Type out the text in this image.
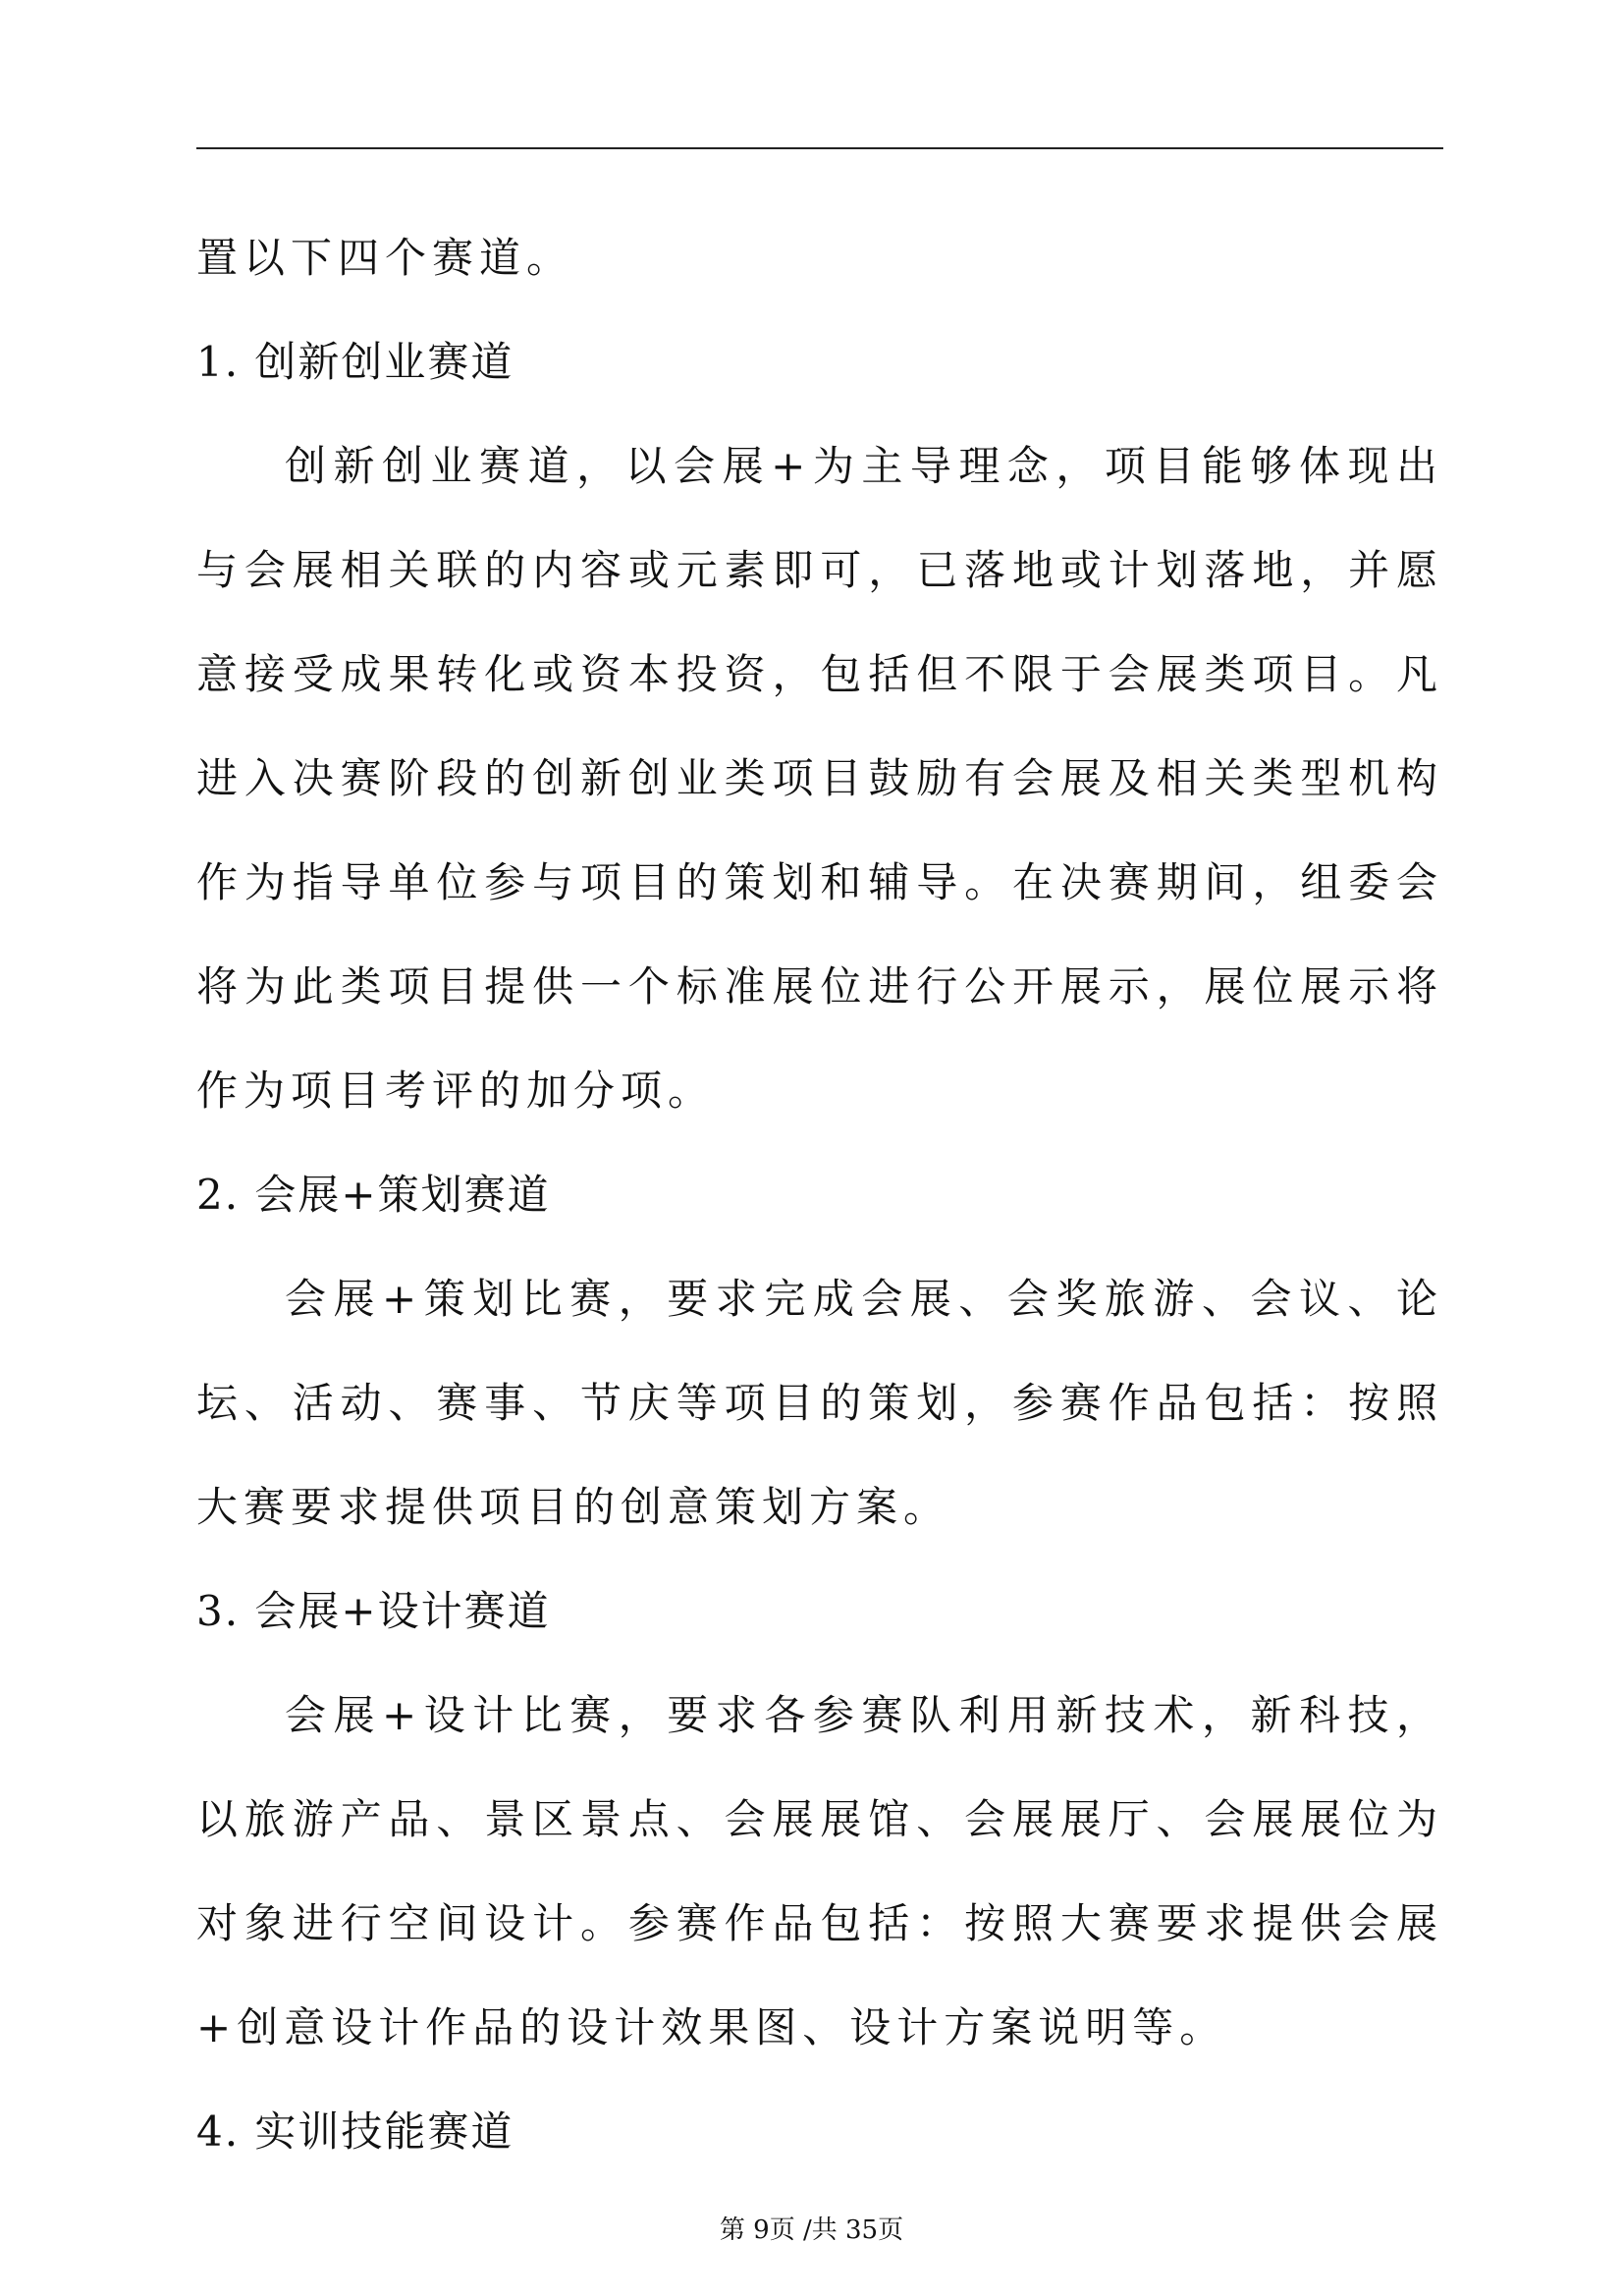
置以下四个赛道。
1. 创新创业赛道

创新创业赛道，以会展+为主导理念，项目能够体现出与会展相关联的内容或元素即可，已落地或计划落地，并愿意接受成果转化或资本投资，包括但不限于会展类项目。凡进入决赛阶段的创新创业类项目鼓励有会展及相关类型机构作为指导单位参与项目的策划和辅导。在决赛期间，组委会将为此类项目提供一个标准展位进行公开展示，展位展示将作为项目考评的加分项。

2. 会展+策划赛道

会展+策划比赛，要求完成会展、会奖旅游、会议、论坛、活动、赛事、节庆等项目的策划，参赛作品包括：按照大赛要求提供项目的创意策划方案。

3. 会展+设计赛道

会展+设计比赛，要求各参赛队利用新技术，新科技，以旅游产品、景区景点、会展展馆、会展展厅、会展展位为对象进行空间设计。参赛作品包括：按照大赛要求提供会展+创意设计作品的设计效果图、设计方案说明等。

4. 实训技能赛道
第 9页 /共 35页
